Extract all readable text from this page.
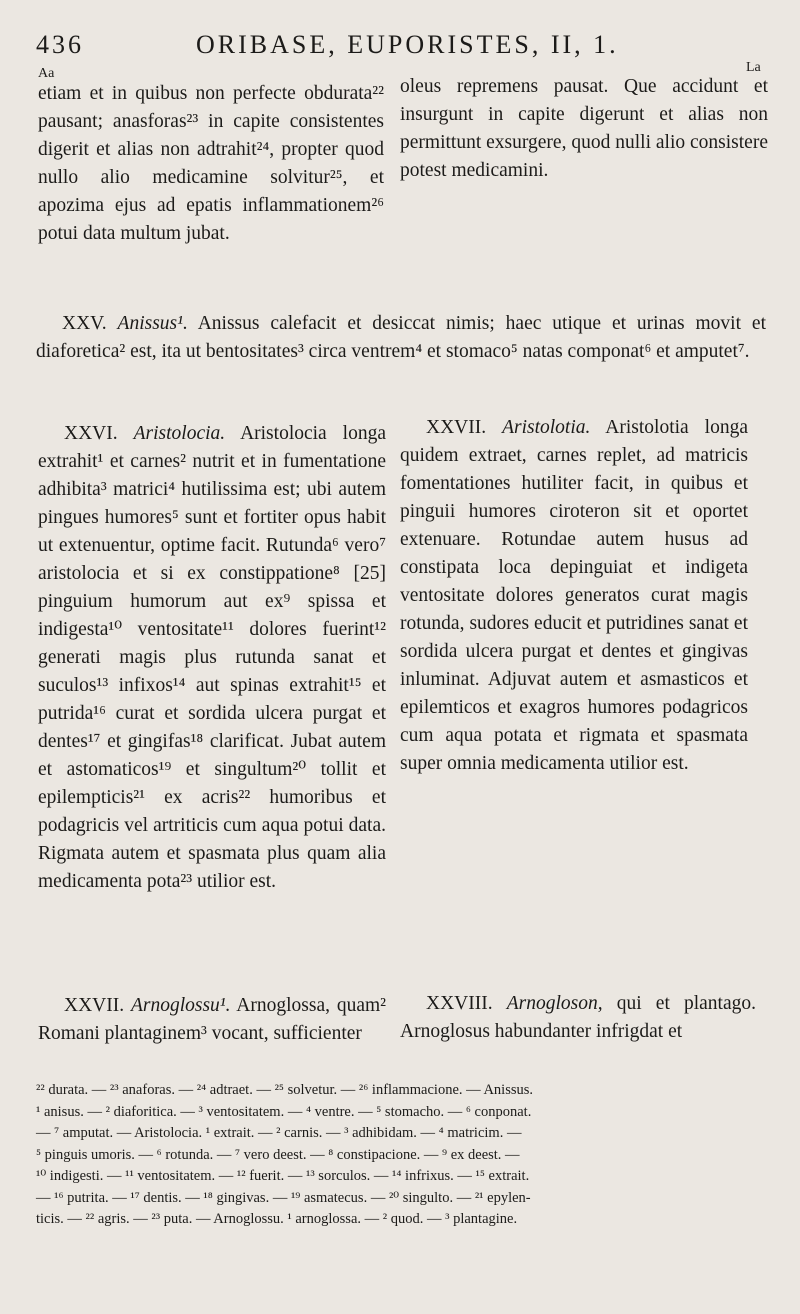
436	ORIBASE, EUPORISTES, II, 1.
Aa	La

etiam et in quibus non perfecte obdurata²² pausant; anasforas²³ in capite consistentes digerit et alias non adtrahit²⁴, propter quod nullo alio medicamine solvitur²⁵, et apozima ejus ad epatis inflammationem²⁶ potui data multum jubat.

oleus repremens pausat. Que accidunt et insurgunt in capite digerunt et alias non permittunt exsurgere, quod nulli alio consistere potest medicamini.

XXV. Anissus¹. Anissus calefacit et desiccat nimis; haec utique et urinas movit et diaforetica² est, ita ut bentositates³ circa ventrem⁴ et stomaco⁵ natas componat⁶ et amputet⁷.

XXVI. Aristolocia. Aristolocia longa extrahit¹ et carnes² nutrit et in fumentatione adhibita³ matrici⁴ hutilissima est; ubi autem pingues humores⁵ sunt et fortiter opus habit ut extenuentur, optime facit. Rutunda⁶ vero⁷ aristolocia et si ex constippatione⁸ [25] pinguium humorum aut ex⁹ spissa et indigesta¹⁰ ventositate¹¹ dolores fuerint¹² generati magis plus rutunda sanat et suculos¹³ infixos¹⁴ aut spinas extrahit¹⁵ et putrida¹⁶ curat et sordida ulcera purgat et dentes¹⁷ et gingifas¹⁸ clarificat. Jubat autem et astomaticos¹⁹ et singultum²⁰ tollit et epilempticis²¹ ex acris²² humoribus et podagricis vel artriticis cum aqua potui data. Rigmata autem et spasmata plus quam alia medicamenta pota²³ utilior est.

XXVII. Aristolotia. Aristolotia longa quidem extraet, carnes replet, ad matricis fomentationes hutiliter facit, in quibus et pinguii humores ciroteron sit et oportet extenuare. Rotundae autem husus ad constipata loca depinguiat et indigeta ventositate dolores generatos curat magis rotunda, sudores educit et putridines sanat et sordida ulcera purgat et dentes et gingivas inluminat. Adjuvat autem et asmasticos et epilemticos et exagros humores podagricos cum aqua potata et rigmata et spasmata super omnia medicamenta utilior est.

XXVII. Arnoglossu¹. Arnoglossa, quam² Romani plantaginem³ vocant, sufficienter

XXVIII. Arnogloson, qui et plantago. Arnoglosus habundanter infrigdat et

²² durata. — ²³ anaforas. — ²⁴ adtraet. — ²⁵ solvetur. — ²⁶ inflammacione. — Anissus.

¹ anisus. — ² diaforitica. — ³ ventositatem. — ⁴ ventre. — ⁵ stomacho. — ⁶ conponat.

— ⁷ amputat. — Aristolocia. ¹ extrait. — ² carnis. — ³ adhibidam. — ⁴ matricim. —

⁵ pinguis umoris. — ⁶ rotunda. — ⁷ vero deest. — ⁸ constipacione. — ⁹ ex deest. —

¹⁰ indigesti. — ¹¹ ventositatem. — ¹² fuerit. — ¹³ sorculos. — ¹⁴ infrixus. — ¹⁵ extrait.

— ¹⁶ putrita. — ¹⁷ dentis. — ¹⁸ gingivas. — ¹⁹ asmatecus. — ²⁰ singulto. — ²¹ epylen-

ticis. — ²² agris. — ²³ puta. — Arnoglossu. ¹ arnoglossa. — ² quod. — ³ plantagine.
